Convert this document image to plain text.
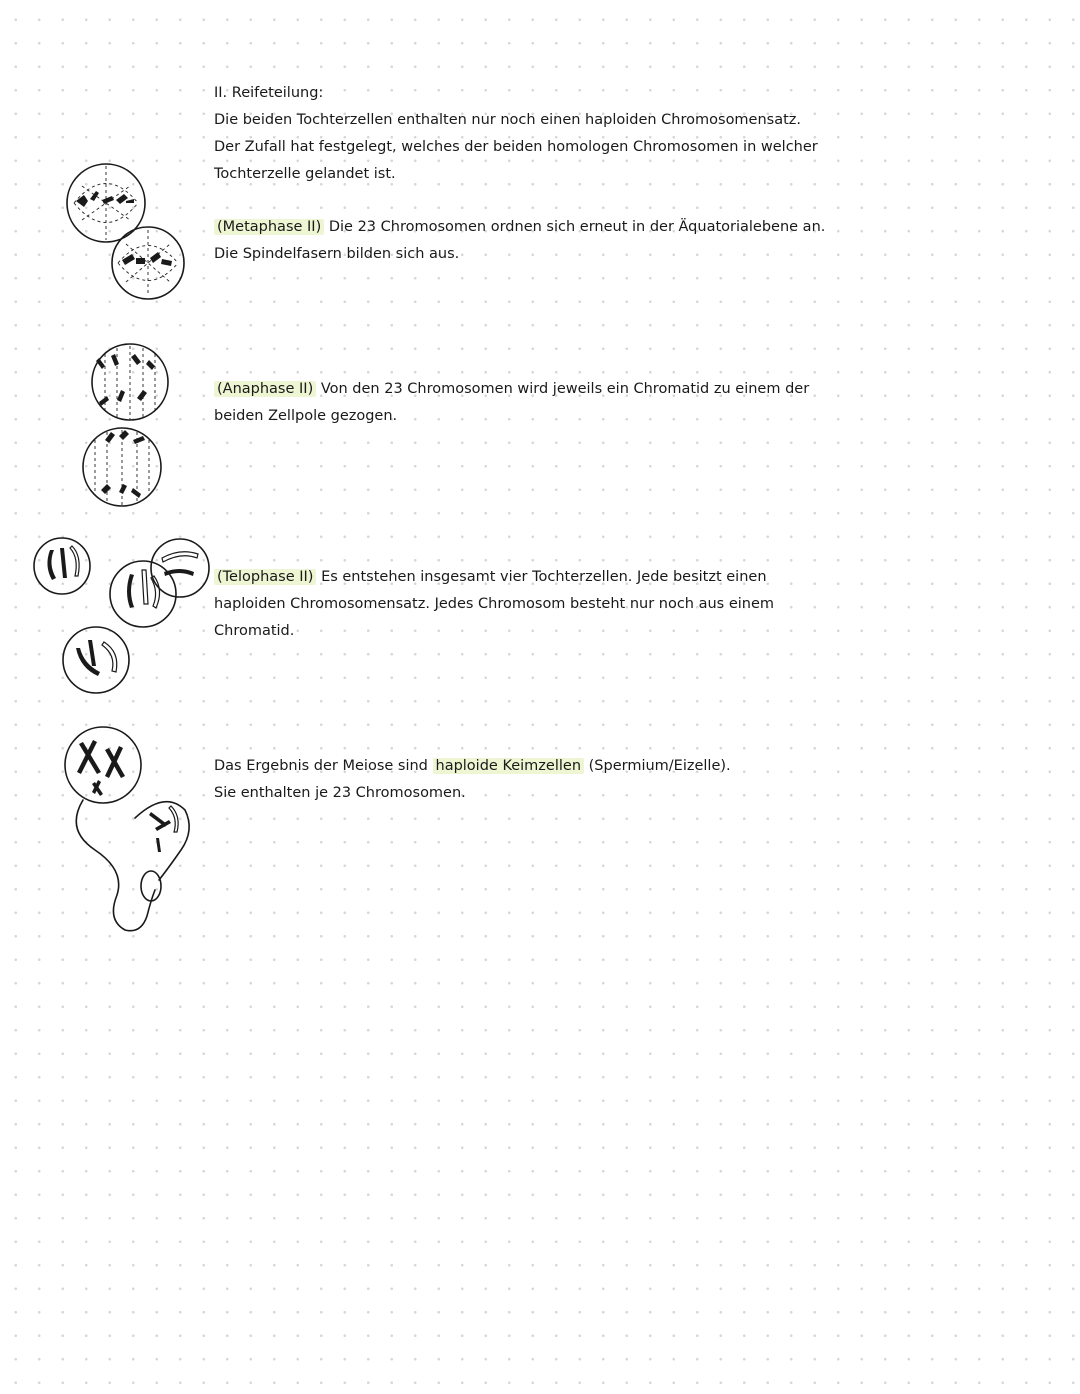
II. Reifeteilung:
Die beiden Tochterzellen enthalten nur noch einen haploiden Chromosomensatz.
Der Zufall hat festgelegt, welches der beiden homologen Chromosomen in welcher
Tochterzelle gelandet ist.
(Metaphase II) Die 23 Chromosomen ordnen sich erneut in der Äquatorialebene an.
Die Spindelfasern bilden sich aus.
(Anaphase II) Von den 23 Chromosomen wird jeweils ein Chromatid zu einem der
beiden Zellpole gezogen.
(Telophase II) Es entstehen insgesamt vier Tochterzellen. Jede besitzt einen
haploiden Chromosomensatz. Jedes Chromosom besteht nur noch aus einem
Chromatid.
Das Ergebnis der Meiose sind haploide Keimzellen (Spermium/Eizelle).
Sie enthalten je 23 Chromosomen.
